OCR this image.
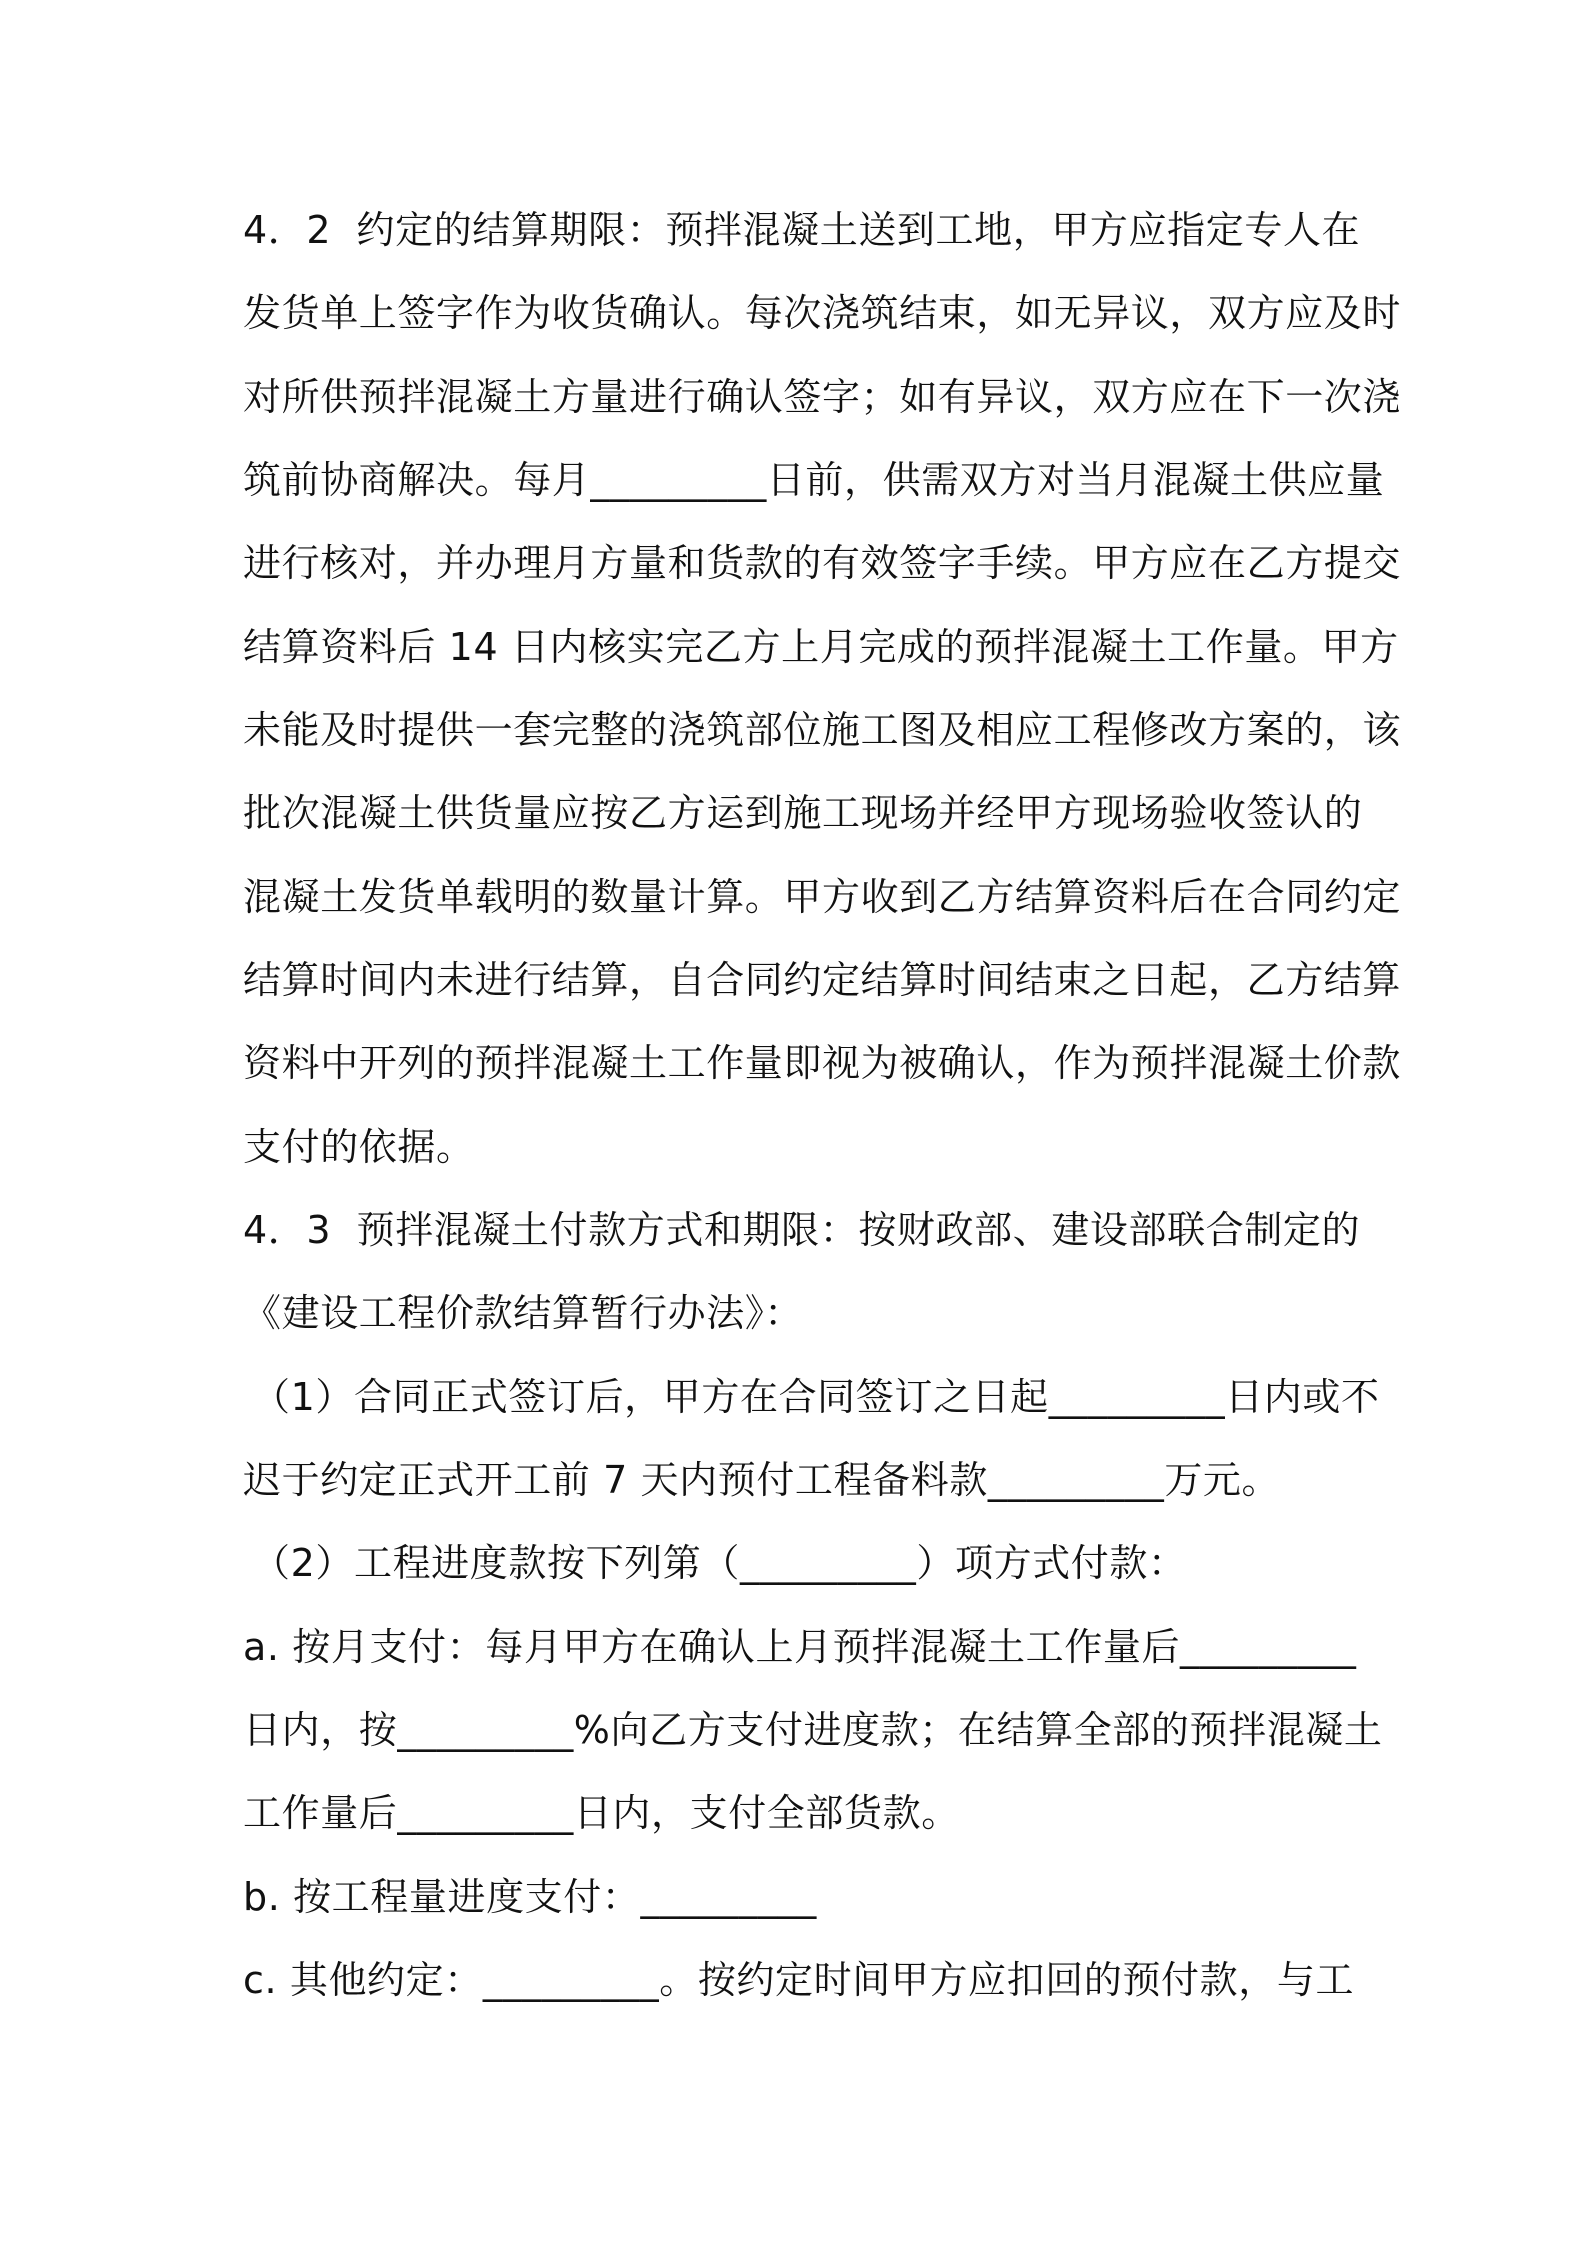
4．2  约定的结算期限：预拌混凝土送到工地，甲方应指定专人在
发货单上签字作为收货确认。每次浇筑结束，如无异议，双方应及时
对所供预拌混凝土方量进行确认签字；如有异议，双方应在下一次浇
筑前协商解决。每月_________日前，供需双方对当月混凝土供应量
进行核对，并办理月方量和货款的有效签字手续。甲方应在乙方提交
结算资料后 14 日内核实完乙方上月完成的预拌混凝土工作量。甲方
未能及时提供一套完整的浇筑部位施工图及相应工程修改方案的，该
批次混凝土供货量应按乙方运到施工现场并经甲方现场验收签认的
混凝土发货单载明的数量计算。甲方收到乙方结算资料后在合同约定
结算时间内未进行结算，自合同约定结算时间结束之日起，乙方结算
资料中开列的预拌混凝土工作量即视为被确认，作为预拌混凝土价款
支付的依据。
4．3  预拌混凝土付款方式和期限：按财政部、建设部联合制定的
《建设工程价款结算暂行办法》：
（1）合同正式签订后，甲方在合同签订之日起_________日内或不
迟于约定正式开工前 7 天内预付工程备料款_________万元。
（2）工程进度款按下列第（_________）项方式付款：
a. 按月支付：每月甲方在确认上月预拌混凝土工作量后_________
日内，按_________%向乙方支付进度款；在结算全部的预拌混凝土
工作量后_________日内，支付全部货款。
b. 按工程量进度支付：_________
c. 其他约定：_________。按约定时间甲方应扣回的预付款，与工
